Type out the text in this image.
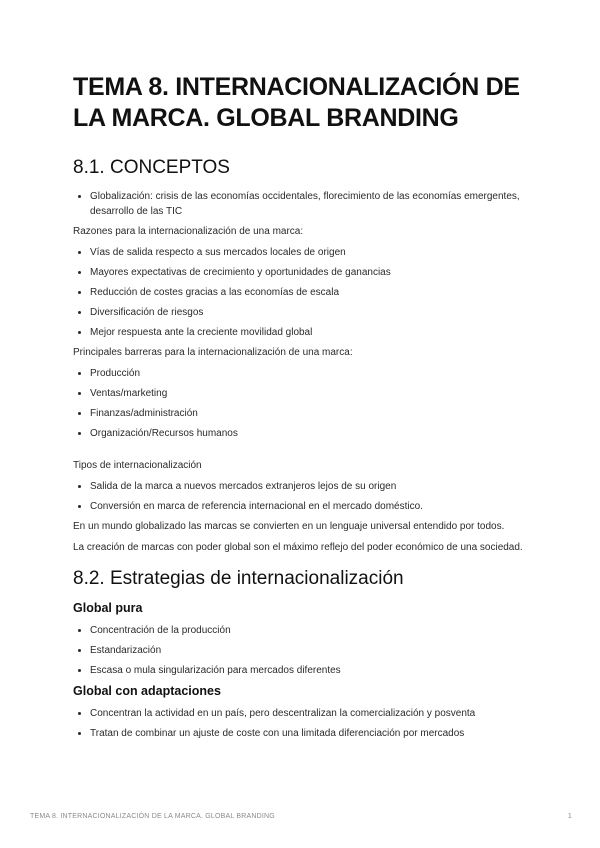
TEMA 8. INTERNACIONALIZACIÓN DE LA MARCA. GLOBAL BRANDING
8.1. CONCEPTOS
Globalización: crisis de las economías occidentales, florecimiento de las economías emergentes, desarrollo de las TIC

Razones para la internacionalización de una marca:

Vías de salida respecto a sus mercados locales de origen
Mayores expectativas de crecimiento y oportunidades de ganancias
Reducción de costes gracias a las economías de escala
Diversificación de riesgos
Mejor respuesta ante la creciente movilidad global

Principales barreras para la internacionalización de una marca:

Producción
Ventas/marketing
Finanzas/administración
Organización/Recursos humanos

Tipos de internacionalización

Salida de la marca a nuevos mercados extranjeros lejos de su origen
Conversión en marca de referencia internacional en el mercado doméstico.

En un mundo globalizado las marcas se convierten en un lenguaje universal entendido por todos.

La creación de marcas con poder global son el máximo reflejo del poder económico de una sociedad.

8.2. Estrategias de internacionalización
Global pura
Concentración de la producción
Estandarización
Escasa o mula singularización para mercados diferentes
Global con adaptaciones
Concentran la actividad en un país, pero descentralizan la comercialización y posventa
Tratan de combinar un ajuste de coste con una limitada diferenciación por mercados
TEMA 8. INTERNACIONALIZACIÓN DE LA MARCA. GLOBAL BRANDING	1
